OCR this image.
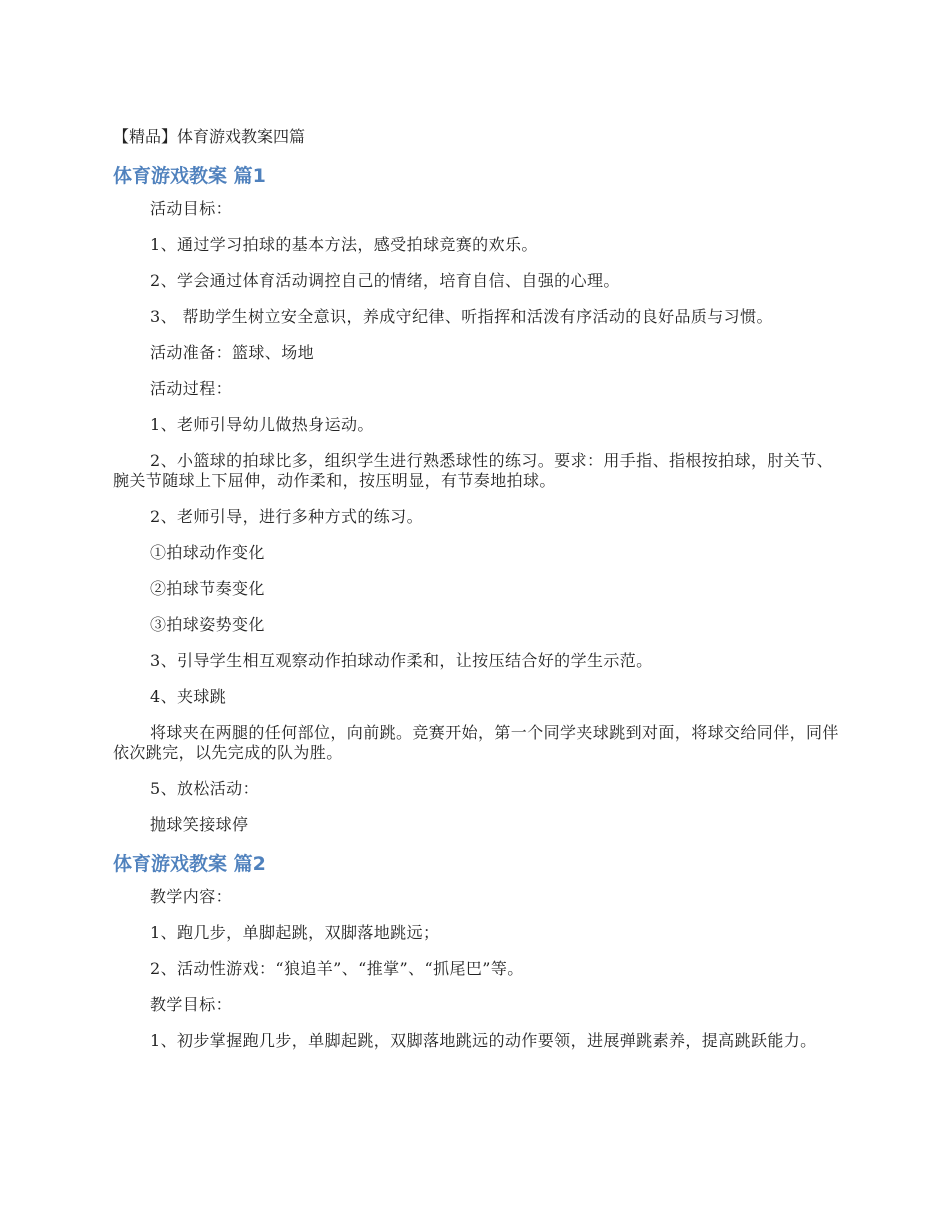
【精品】体育游戏教案四篇
体育游戏教案 篇1

活动目标：

1、通过学习拍球的基本方法，感受拍球竞赛的欢乐。

2、学会通过体育活动调控自己的情绪，培育自信、自强的心理。

3、 帮助学生树立安全意识，养成守纪律、听指挥和活泼有序活动的良好品质与习惯。

活动准备：篮球、场地

活动过程：

1、老师引导幼儿做热身运动。

2、小篮球的拍球比多，组织学生进行熟悉球性的练习。要求：用手指、指根按拍球，肘关节、腕关节随球上下屈伸，动作柔和，按压明显，有节奏地拍球。

2、老师引导，进行多种方式的练习。

①拍球动作变化

②拍球节奏变化

③拍球姿势变化

3、引导学生相互观察动作拍球动作柔和，让按压结合好的学生示范。

4、夹球跳

将球夹在两腿的任何部位，向前跳。竞赛开始，第一个同学夹球跳到对面，将球交给同伴，同伴依次跳完，以先完成的队为胜。

5、放松活动：

抛球笑接球停

体育游戏教案 篇2

教学内容：

1、跑几步，单脚起跳，双脚落地跳远；

2、活动性游戏：“狼追羊”、“推掌”、“抓尾巴”等。

教学目标：

1、初步掌握跑几步，单脚起跳，双脚落地跳远的动作要领，进展弹跳素养，提高跳跃能力。
